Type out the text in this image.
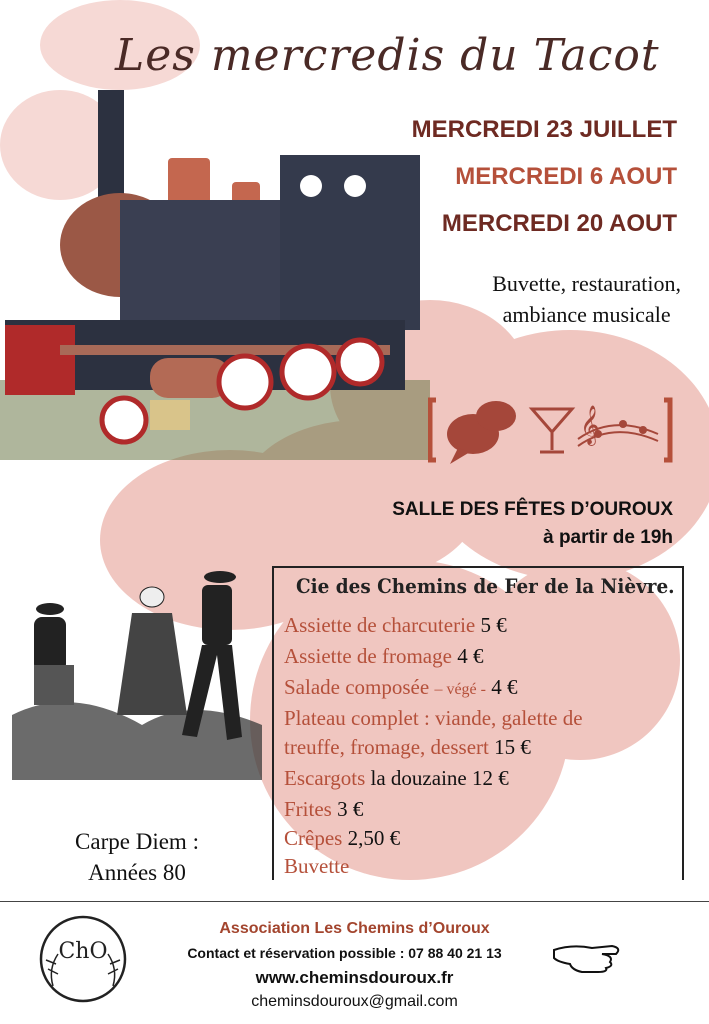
Les mercredis du Tacot
MERCREDI 23 JUILLET
MERCREDI 6 AOUT
MERCREDI 20 AOUT
Buvette, restauration,
ambiance musicale
𝄞
SALLE DES FÊTES D’OUROUX
à partir de 19h
Cie des Chemins de Fer de la Nièvre.
Assiette de charcuterie 5 €
Assiette de fromage 4 €
Salade composée – végé - 4 €
Plateau complet : viande, galette de
treuffe, fromage, dessert 15 €
Escargots la douzaine 12 €
Frites 3 €
Crêpes 2,50 €
Buvette
Carpe Diem :
Années 80
ChO
Association Les Chemins d’Ouroux
Contact et réservation possible : 07 88 40 21 13
www.cheminsdouroux.fr
cheminsdouroux@gmail.com
